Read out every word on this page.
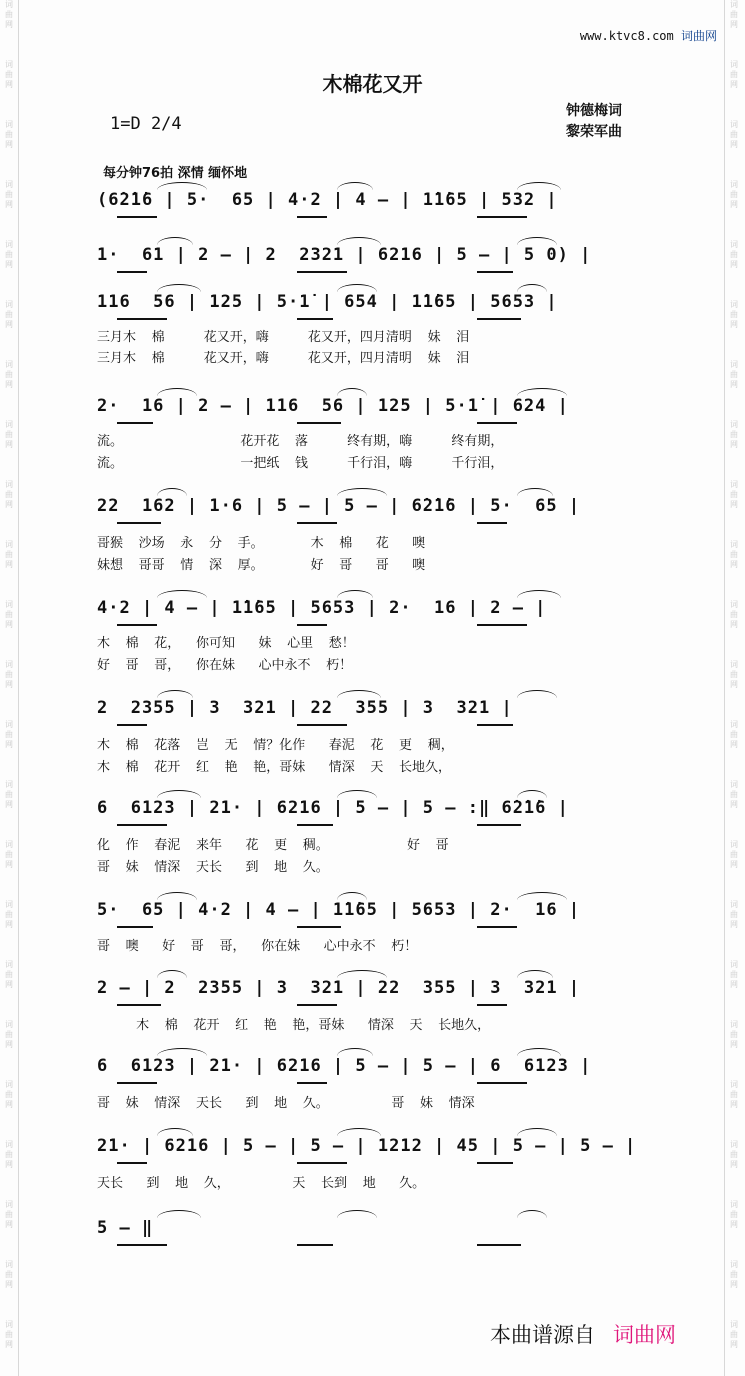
词
曲
网
词
曲
网
词
曲
网
词
曲
网
词
曲
网
词
曲
网
词
曲
网
词
曲
网
词
曲
网
词
曲
网
词
曲
网
词
曲
网
词
曲
网
词
曲
网
词
曲
网
词
曲
网
词
曲
网
词
曲
网
词
曲
网
词
曲
网
词
曲
网
词
曲
网
词
曲
网
词
曲
网
词
曲
网
词
曲
网
词
曲
网
词
曲
网
词
曲
网
词
曲
网
词
曲
网
词
曲
网
词
曲
网
词
曲
网
词
曲
网
词
曲
网
词
曲
网
词
曲
网
词
曲
网
词
曲
网
词
曲
网
词
曲
网
词
曲
网
词
曲
网
词
曲
网
词
曲
网
www.ktvc8.com 词曲网
木棉花又开
1=D 2/4
钟德梅词
黎荣军曲
每分钟76拍 深情 缅怀地
(6̇2̇1̇6 | 5·  65 | 4·2 | 4 – | 1̇1̇65 | 532 |
1·  61 | 2 – | 2  2321 | 6216 | 5 – | 5 0) |
116  56 | 125 | 5·1̇ | 654 | 1̇1̇65 | 5653 |
三月木  棉     花又开，嗨     花又开，四月清明  妹  泪
三月木  棉     花又开，嗨     花又开，四月清明  妹  泪
2·  16 | 2 – | 116  56 | 125 | 5·1̇ | 624 |
流。               花开花  落     终有期，嗨     终有期，
流。               一把纸  钱     千行泪，嗨     千行泪，
22  162 | 1·6 | 5 – | 5 – | 6̇2̇1̇6 | 5·  65 |
哥猴  沙场  永  分  手。      木  棉   花   噢
妹想  哥哥  情  深  厚。      好  哥   哥   噢
4·2 | 4 – | 1̇1̇65 | 5653 | 2·  16 | 2 – |
木  棉  花，  你可知   妹  心里  愁！
好  哥  哥，  你在妹   心中永不  朽！
2  2355 | 3  321 | 22  355 | 3  321 |
木  棉  花落  岂  无  情？化作   春泥  花  更  稠，
木  棉  花开  红  艳  艳，哥妹   情深  天  长地久，
6  6123 | 21· | 6216 | 5 – | 5 – :‖ 6̇2̇1̇6 |
化  作  春泥  来年   花  更  稠。          好  哥
哥  妹  情深  天长   到  地  久。
5·  65 | 4·2 | 4 – | 1̇1̇65 | 5653 | 2·  16 |
哥  噢   好  哥  哥，  你在妹   心中永不  朽！
2 – | 2  2355 | 3  321 | 22  355 | 3  321 |
木  棉  花开  红  艳  艳，哥妹   情深  天  长地久，
6  6123 | 21· | 6216 | 5 – | 5 – | 6  6123 |
哥  妹  情深  天长   到  地  久。        哥  妹  情深
21· | 6216 | 5 – | 5 – | 1212 | 45 | 5 – | 5 – |
天长   到  地  久，        天  长到  地   久。
5 – ‖
本曲谱源自 词曲网
